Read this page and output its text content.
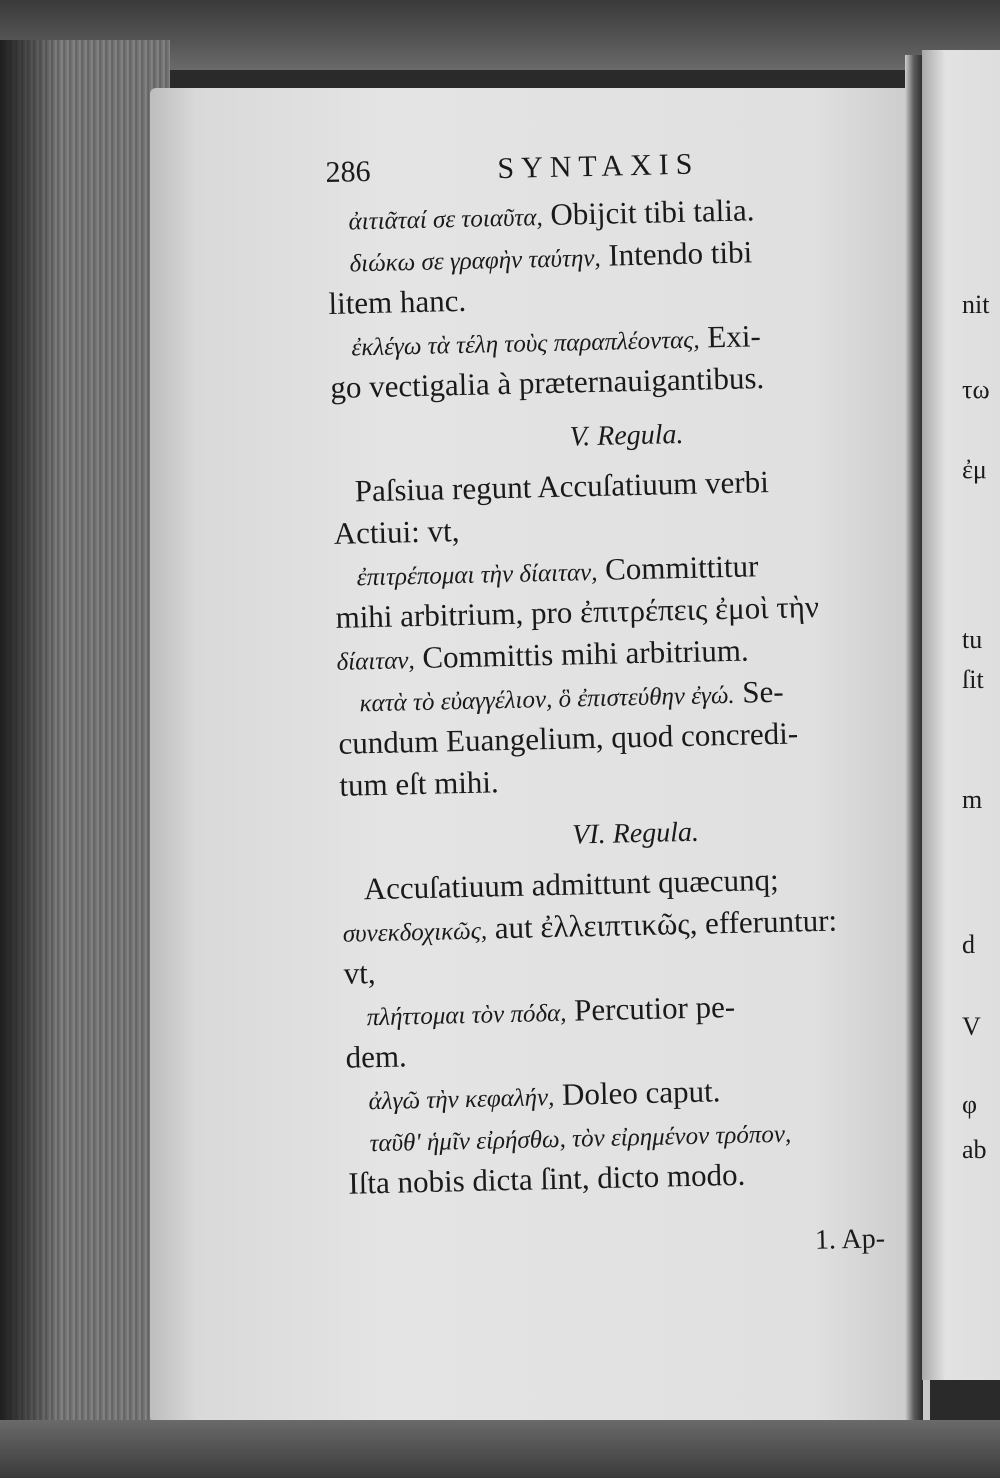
286	SYNTAXIS
ἀιτιᾶταί σε τοιαῦτα, Obijcit tibi talia.
διώκω σε γραφὴν ταύτην, Intendo tibi
litem hanc.
ἐκλέγω τὰ τέλη τοὺς παραπλέοντας, Exi-
go vectigalia à præternauigantibus.
V. Regula.
Paſsiua regunt Accuſatiuum verbi
Actiui: vt,
ἐπιτρέπομαι τὴν δίαιταν, Committitur
mihi arbitrium, pro ἐπιτρέπεις ἐμοὶ τὴν
δίαιταν, Committis mihi arbitrium.
κατὰ τὸ εὐαγγέλιον, ὃ ἐπιστεύθην ἐγώ. Se-
cundum Euangelium, quod concredi-
tum eſt mihi.
VI. Regula.
Accuſatiuum admittunt quæcunq;
συνεκδοχικῶς, aut ἐλλειπτικῶς, efferuntur:
vt,
πλήττομαι τὸν πόδα, Percutior pe-
dem.
ἀλγῶ τὴν κεφαλήν, Doleo caput.
ταῦθ' ἡμῖν εἰρήσθω, τὸν εἰρημένον τρόπον,
Iſta nobis dicta ſint, dicto modo.
1. Ap-
nit
τω
ἐμ
tu
ſit
m
d
V
φ
ab
